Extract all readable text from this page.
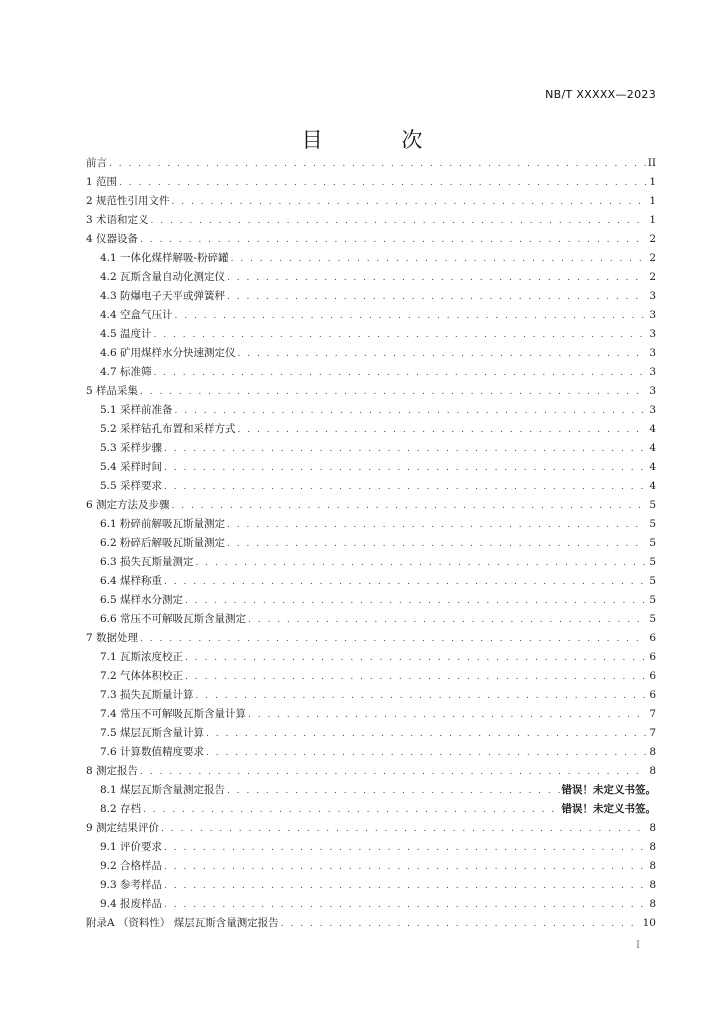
NB/T XXXXX—2023
目 次
前言 . . .	II
1 范围 . . .	1
2 规范性引用文件 . . .	1
3 术语和定义 . . .	1
4 仪器设备 . . .	2
4.1 一体化煤样解吸-粉碎罐 . . .	2
4.2 瓦斯含量自动化测定仪 . . .	2
4.3 防爆电子天平或弹簧秤 . . .	3
4.4 空盒气压计 . . .	3
4.5 温度计 . . .	3
4.6 矿用煤样水分快速测定仪 . . .	3
4.7 标准筛 . . .	3
5 样品采集 . . .	3
5.1 采样前准备 . . .	3
5.2 采样钻孔布置和采样方式 . . .	4
5.3 采样步骤 . . .	4
5.4 采样时间 . . .	4
5.5 采样要求 . . .	4
6 测定方法及步骤 . . .	5
6.1 粉碎前解吸瓦斯量测定 . . .	5
6.2 粉碎后解吸瓦斯量测定 . . .	5
6.3 损失瓦斯量测定 . . .	5
6.4 煤样称重 . . .	5
6.5 煤样水分测定 . . .	5
6.6 常压不可解吸瓦斯含量测定 . . .	5
7 数据处理 . . .	6
7.1 瓦斯浓度校正 . . .	6
7.2 气体体积校正 . . .	6
7.3 损失瓦斯量计算 . . .	6
7.4 常压不可解吸瓦斯含量计算 . . .	7
7.5 煤层瓦斯含量计算 . . .	7
7.6 计算数值精度要求 . . .	8
8 测定报告 . . .	8
8.1 煤层瓦斯含量测定报告 . . .	错误！未定义书签。
8.2 存档 . . .	错误！未定义书签。
9 测定结果评价 . . .	8
9.1 评价要求 . . .	8
9.2 合格样品 . . .	8
9.3 参考样品 . . .	8
9.4 报废样品 . . .	8
附录A （资料性） 煤层瓦斯含量测定报告 . . .	10
I
